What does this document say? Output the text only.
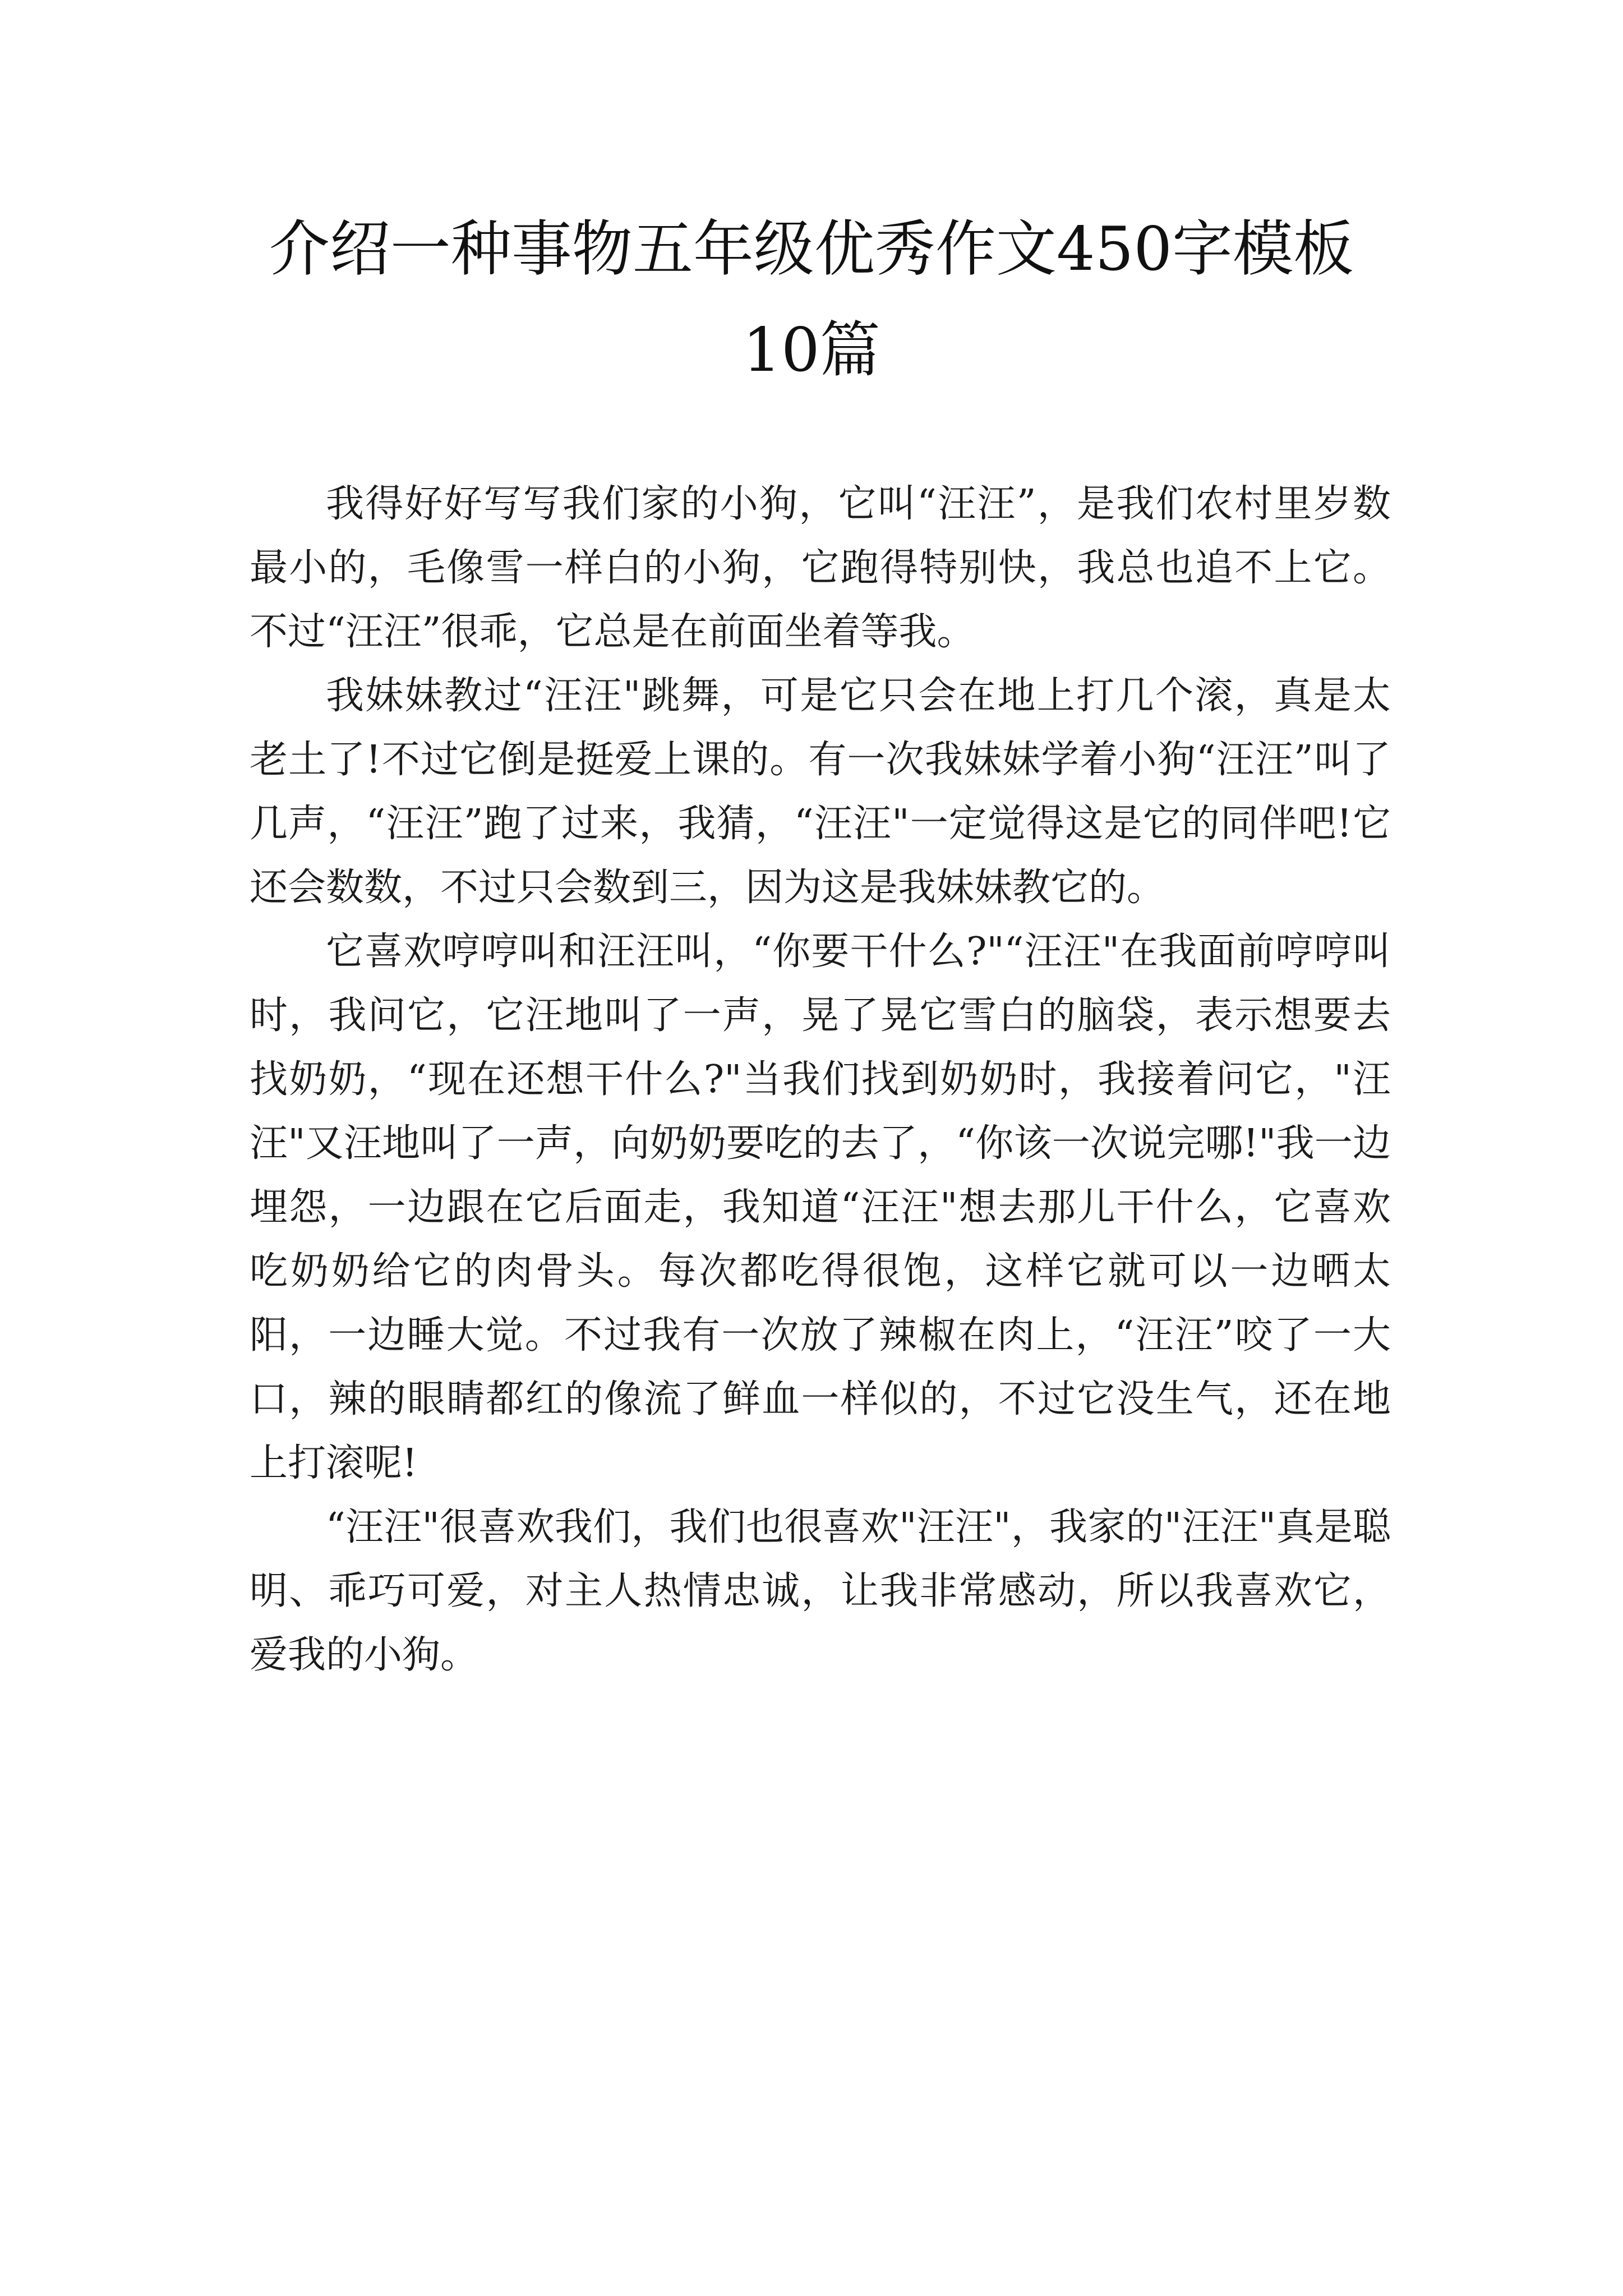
介绍一种事物五年级优秀作文450字模板
10篇

我得好好写写我们家的小狗，它叫“汪汪”，是我们农村里岁数最小的，毛像雪一样白的小狗，它跑得特别快，我总也追不上它。不过“汪汪”很乖，它总是在前面坐着等我。

我妹妹教过“汪汪"跳舞，可是它只会在地上打几个滚，真是太老土了!不过它倒是挺爱上课的。有一次我妹妹学着小狗“汪汪”叫了几声，“汪汪”跑了过来，我猜，“汪汪"一定觉得这是它的同伴吧!它还会数数，不过只会数到三，因为这是我妹妹教它的。

它喜欢哼哼叫和汪汪叫，“你要干什么?"“汪汪"在我面前哼哼叫时，我问它，它汪地叫了一声，晃了晃它雪白的脑袋，表示想要去找奶奶，“现在还想干什么?"当我们找到奶奶时，我接着问它，"汪汪"又汪地叫了一声，向奶奶要吃的去了，“你该一次说完哪!"我一边埋怨，一边跟在它后面走，我知道“汪汪"想去那儿干什么，它喜欢吃奶奶给它的肉骨头。每次都吃得很饱，这样它就可以一边晒太阳，一边睡大觉。不过我有一次放了辣椒在肉上，“汪汪”咬了一大口，辣的眼睛都红的像流了鲜血一样似的，不过它没生气，还在地上打滚呢!

“汪汪"很喜欢我们，我们也很喜欢"汪汪"，我家的"汪汪"真是聪明、乖巧可爱，对主人热情忠诚，让我非常感动，所以我喜欢它，爱我的小狗。
